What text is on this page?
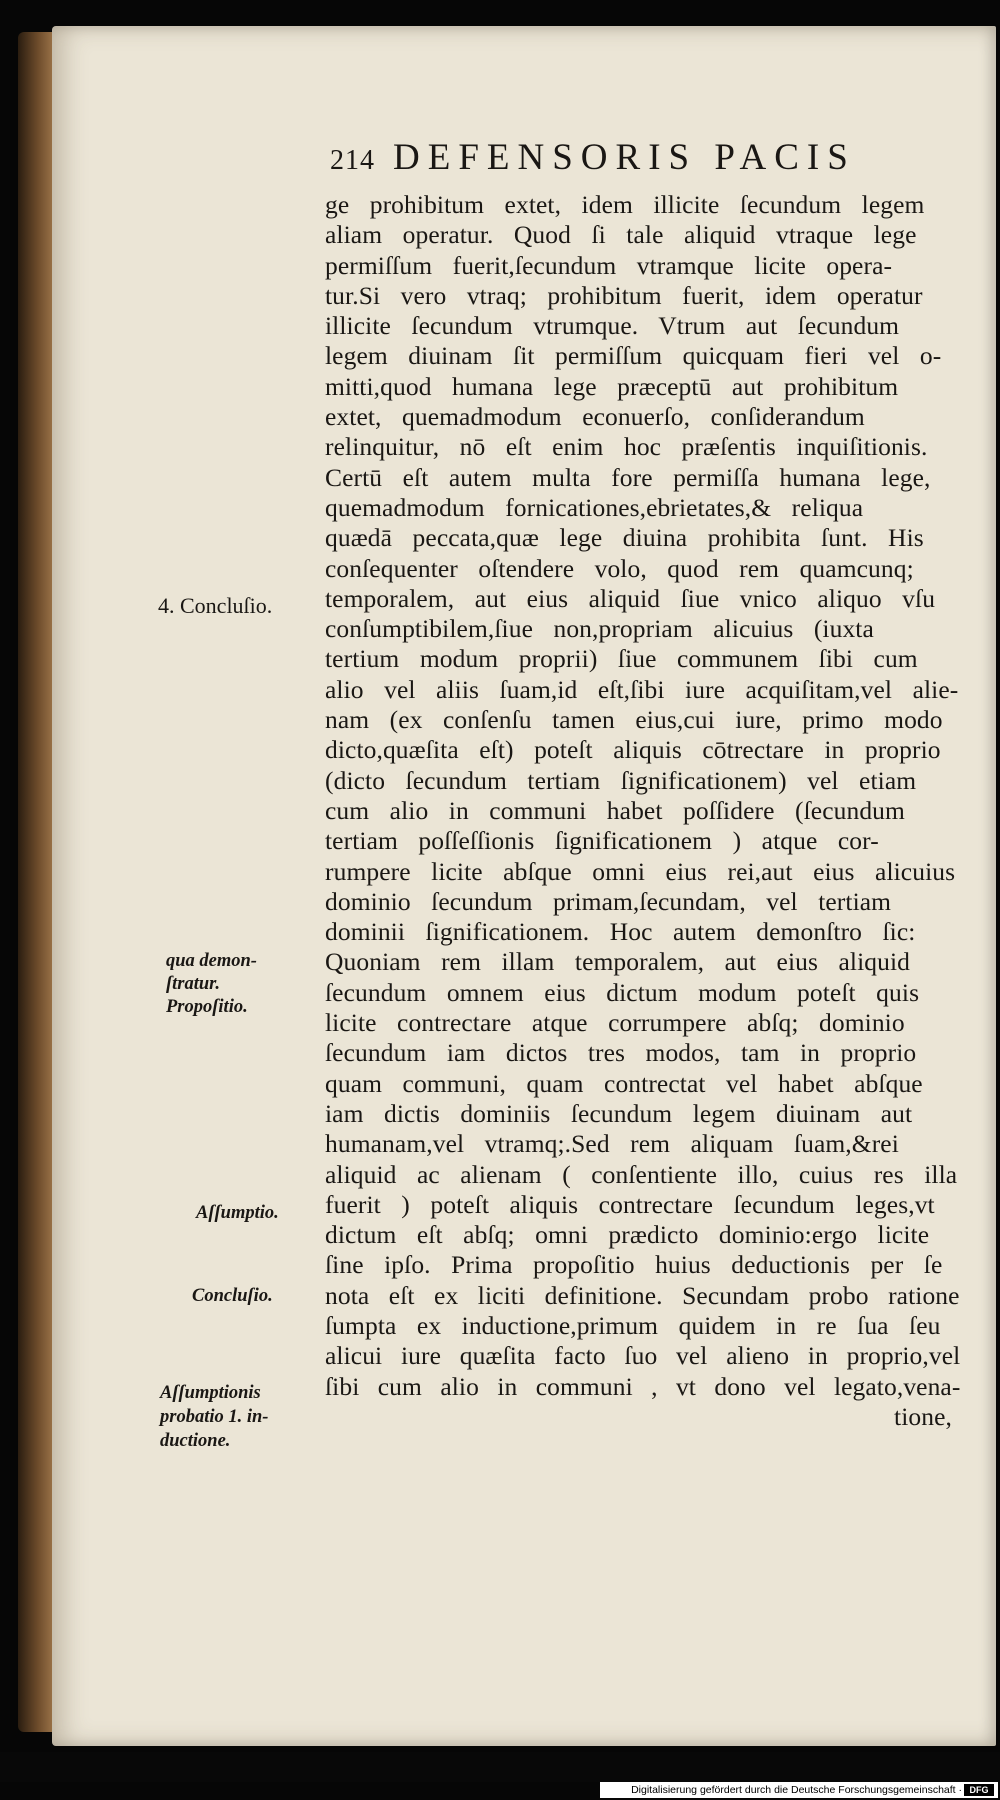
214 DEFENSORIS PACIS
ge prohibitum extet, idem illicite ſecundum legem
aliam operatur. Quod ſi tale aliquid vtraque lege
permiſſum fuerit,ſecundum vtramque licite opera-
tur.Si vero vtraq; prohibitum fuerit, idem operatur
illicite ſecundum vtrumque. Vtrum aut ſecundum
legem diuinam ſit permiſſum quicquam fieri vel o-
mitti,quod humana lege præceptū aut prohibitum
extet, quemadmodum econuerſo, conſiderandum
relinquitur, nō eſt enim hoc præſentis inquiſitionis.
Certū eſt autem multa fore permiſſa humana lege,
quemadmodum fornicationes,ebrietates,& reliqua
quædā peccata,quæ lege diuina prohibita ſunt. His
conſequenter oſtendere volo, quod rem quamcunq;
temporalem, aut eius aliquid ſiue vnico aliquo vſu
conſumptibilem,ſiue non,propriam alicuius (iuxta
tertium modum proprii) ſiue communem ſibi cum
alio vel aliis ſuam,id eſt,ſibi iure acquiſitam,vel alie-
nam (ex conſenſu tamen eius,cui iure, primo modo
dicto,quæſita eſt) poteſt aliquis cōtrectare in proprio
(dicto ſecundum tertiam ſignificationem) vel etiam
cum alio in communi habet poſſidere (ſecundum
tertiam poſſeſſionis ſignificationem ) atque cor-
rumpere licite abſque omni eius rei,aut eius alicuius
dominio ſecundum primam,ſecundam, vel tertiam
dominii ſignificationem. Hoc autem demonſtro ſic:
Quoniam rem illam temporalem, aut eius aliquid
ſecundum omnem eius dictum modum poteſt quis
licite contrectare atque corrumpere abſq; dominio
ſecundum iam dictos tres modos, tam in proprio
quam communi, quam contrectat vel habet abſque
iam dictis dominiis ſecundum legem diuinam aut
humanam,vel vtramq;.Sed rem aliquam ſuam,&rei
aliquid ac alienam ( conſentiente illo, cuius res illa
fuerit ) poteſt aliquis contrectare ſecundum leges,vt
dictum eſt abſq; omni prædicto dominio:ergo licite
ſine ipſo. Prima propoſitio huius deductionis per ſe
nota eſt ex liciti definitione. Secundam probo ratione
ſumpta ex inductione,primum quidem in re ſua ſeu
alicui iure quæſita facto ſuo vel alieno in proprio,vel
ſibi cum alio in communi , vt dono vel legato,vena-
tione,
4. Concluſio.
qua demon-
ſtratur.
Propoſitio.
Aſſumptio.
Concluſio.
Aſſumptionis
probatio 1. in-
ductione.
Digitalisierung gefördert durch die Deutsche Forschungsgemeinschaft · DFG
